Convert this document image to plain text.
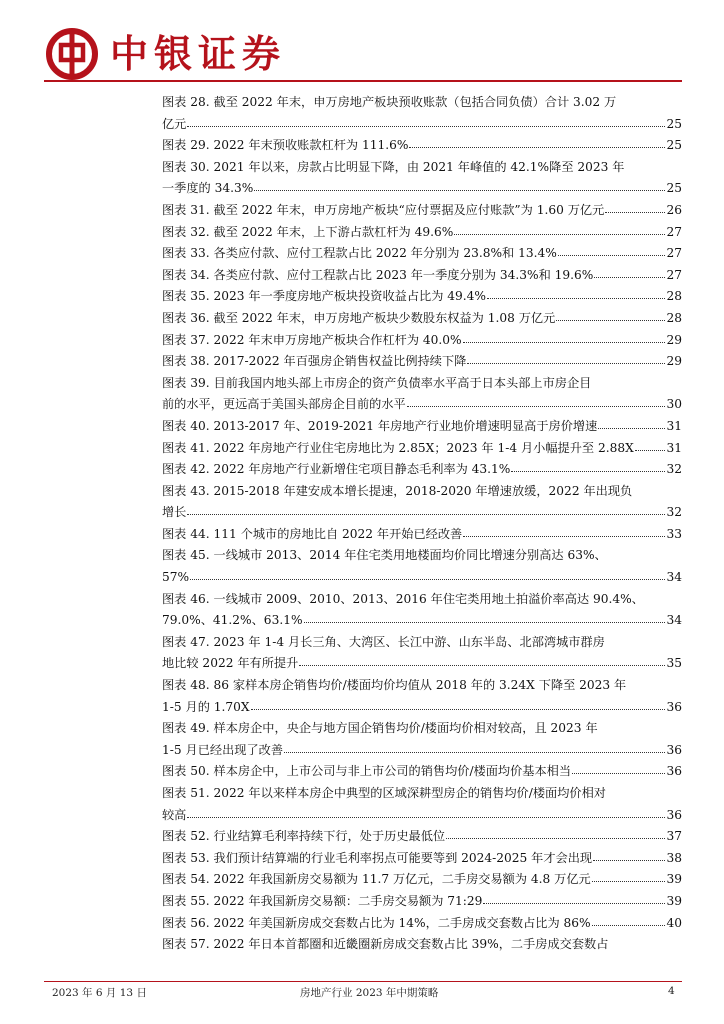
中银证券
图表 28. 截至 2022 年末，申万房地产板块预收账款（包括合同负债）合计 3.02 万
亿元	25
图表 29. 2022 年末预收账款杠杆为 111.6%	25
图表 30. 2021 年以来，房款占比明显下降，由 2021 年峰值的 42.1%降至 2023 年
一季度的 34.3%	25
图表 31. 截至 2022 年末，申万房地产板块“应付票据及应付账款”为 1.60 万亿元	26
图表 32. 截至 2022 年末，上下游占款杠杆为 49.6%	27
图表 33. 各类应付款、应付工程款占比 2022 年分别为 23.8%和 13.4%	27
图表 34. 各类应付款、应付工程款占比 2023 年一季度分别为 34.3%和 19.6%	27
图表 35. 2023 年一季度房地产板块投资收益占比为 49.4%	28
图表 36. 截至 2022 年末，申万房地产板块少数股东权益为 1.08 万亿元	28
图表 37. 2022 年末申万房地产板块合作杠杆为 40.0%	29
图表 38. 2017-2022 年百强房企销售权益比例持续下降	29
图表 39. 目前我国内地头部上市房企的资产负债率水平高于日本头部上市房企目
前的水平，更远高于美国头部房企目前的水平	30
图表 40. 2013-2017 年、2019-2021 年房地产行业地价增速明显高于房价增速	31
图表 41. 2022 年房地产行业住宅房地比为 2.85X；2023 年 1-4 月小幅提升至 2.88X	31
图表 42. 2022 年房地产行业新增住宅项目静态毛利率为 43.1%	32
图表 43. 2015-2018 年建安成本增长提速，2018-2020 年增速放缓，2022 年出现负
增长	32
图表 44. 111 个城市的房地比自 2022 年开始已经改善	33
图表 45. 一线城市 2013、2014 年住宅类用地楼面均价同比增速分别高达 63%、
57%	34
图表 46. 一线城市 2009、2010、2013、2016 年住宅类用地土拍溢价率高达 90.4%、
79.0%、41.2%、63.1%	34
图表 47. 2023 年 1-4 月长三角、大湾区、长江中游、山东半岛、北部湾城市群房
地比较 2022 年有所提升	35
图表 48. 86 家样本房企销售均价/楼面均价均值从 2018 年的 3.24X 下降至 2023 年
1-5 月的 1.70X	36
图表 49. 样本房企中，央企与地方国企销售均价/楼面均价相对较高，且 2023 年
1-5 月已经出现了改善	36
图表 50. 样本房企中，上市公司与非上市公司的销售均价/楼面均价基本相当	36
图表 51. 2022 年以来样本房企中典型的区域深耕型房企的销售均价/楼面均价相对
较高	36
图表 52. 行业结算毛利率持续下行，处于历史最低位	37
图表 53. 我们预计结算端的行业毛利率拐点可能要等到 2024-2025 年才会出现	38
图表 54. 2022 年我国新房交易额为 11.7 万亿元，二手房交易额为 4.8 万亿元	39
图表 55. 2022 年我国新房交易额：二手房交易额为 71:29	39
图表 56. 2022 年美国新房成交套数占比为 14%，二手房成交套数占比为 86%	40
图表 57. 2022 年日本首都圈和近畿圈新房成交套数占比 39%，二手房成交套数占
2023 年 6 月 13 日	房地产行业 2023 年中期策略	4
